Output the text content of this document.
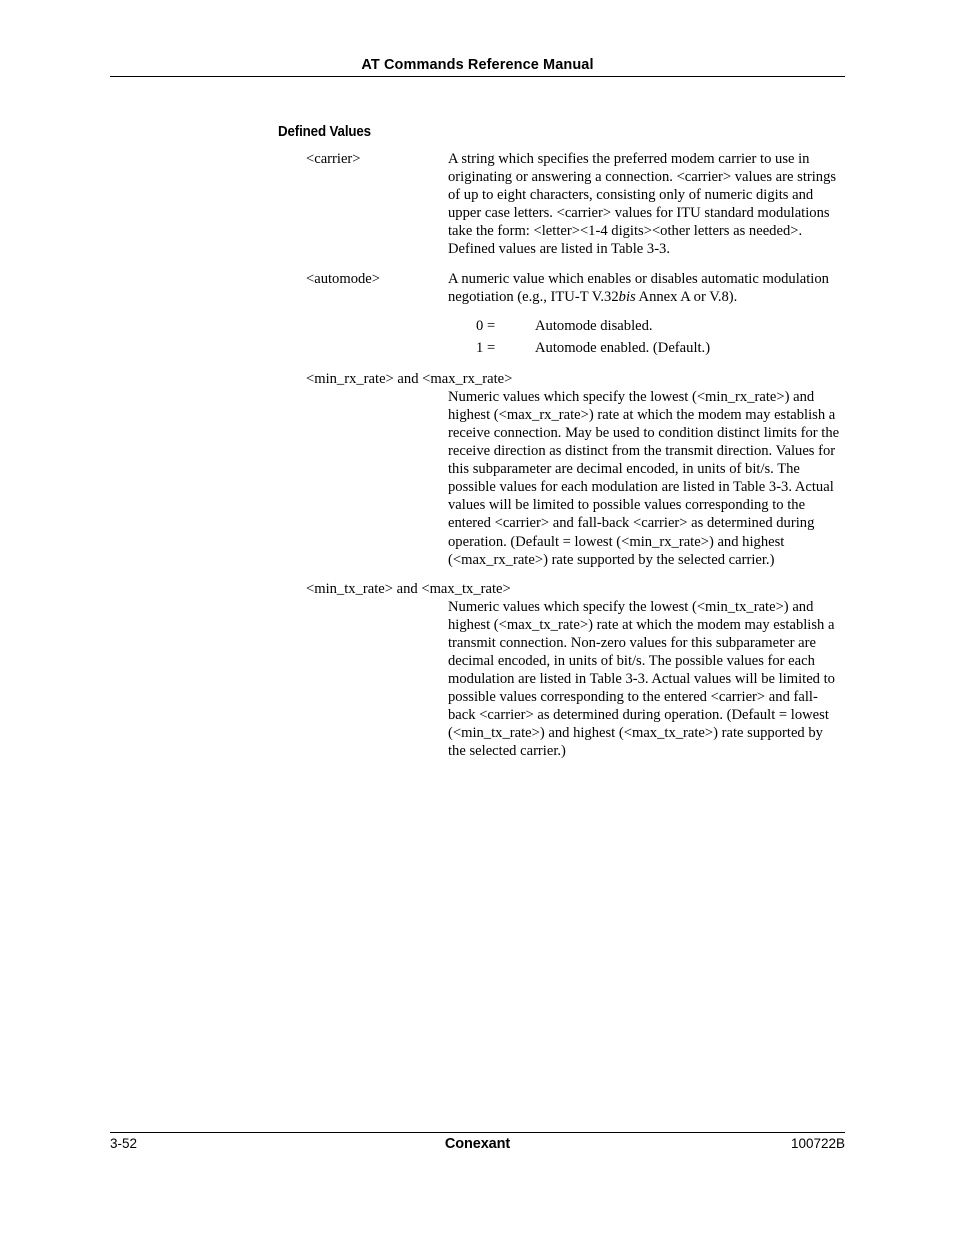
AT Commands Reference Manual
Defined Values
<carrier>	A string which specifies the preferred modem carrier to use in originating or answering a connection. <carrier> values are strings of up to eight characters, consisting only of numeric digits and upper case letters. <carrier> values for ITU standard modulations take the form: <letter><1-4 digits><other letters as needed>. Defined values are listed in Table 3-3.

<automode>	A numeric value which enables or disables automatic modulation negotiation (e.g., ITU-T V.32bis Annex A or V.8).

0 =	Automode disabled.
1 =	Automode enabled. (Default.)
<min_rx_rate> and <max_rx_rate>

Numeric values which specify the lowest (<min_rx_rate>) and highest (<max_rx_rate>) rate at which the modem may establish a receive connection. May be used to condition distinct limits for the receive direction as distinct from the transmit direction. Values for this subparameter are decimal encoded, in units of bit/s. The possible values for each modulation are listed in Table 3-3. Actual values will be limited to possible values corresponding to the entered <carrier> and fall-back <carrier> as determined during operation. (Default = lowest (<min_rx_rate>) and highest (<max_rx_rate>) rate supported by the selected carrier.)

<min_tx_rate> and <max_tx_rate>

Numeric values which specify the lowest (<min_tx_rate>) and highest (<max_tx_rate>) rate at which the modem may establish a transmit connection. Non-zero values for this subparameter are decimal encoded, in units of bit/s. The possible values for each modulation are listed in Table 3-3. Actual values will be limited to possible values corresponding to the entered <carrier> and fall-back <carrier> as determined during operation. (Default = lowest (<min_tx_rate>) and highest (<max_tx_rate>) rate supported by the selected carrier.)

3-52	Conexant	100722B
